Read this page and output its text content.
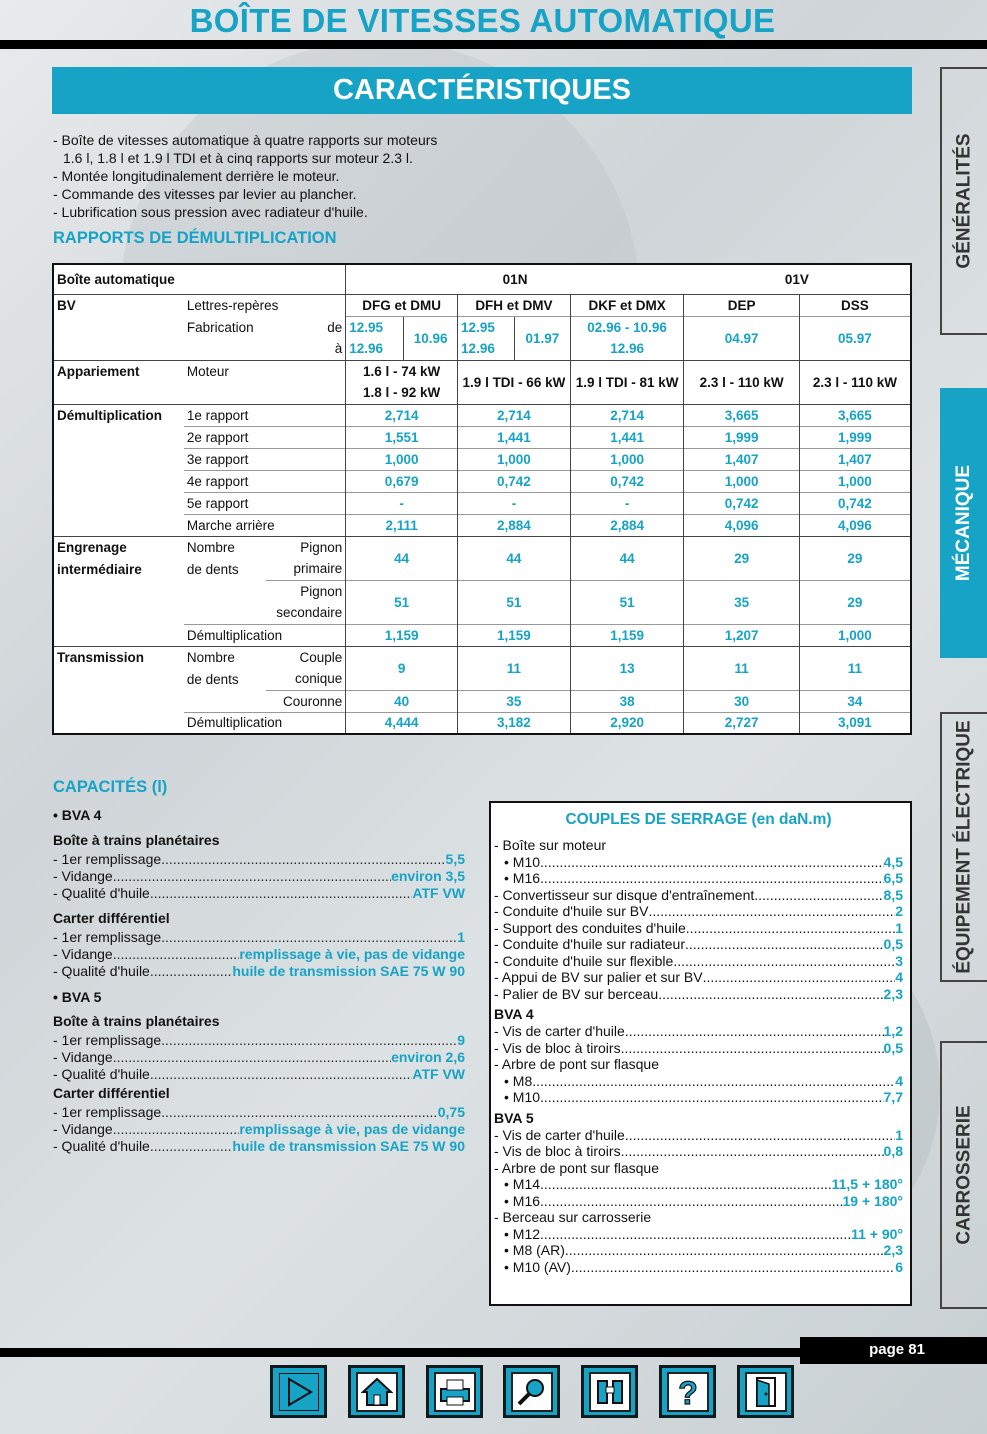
BOÎTE DE VITESSES AUTOMATIQUE
CARACTÉRISTIQUES
- Boîte de vitesses automatique à quatre rapports sur moteurs
1.6 l, 1.8 l et 1.9 l TDI et à cinq rapports sur moteur 2.3 l.
- Montée longitudinalement derrière le moteur.
- Commande des vitesses par levier au plancher.
- Lubrification sous pression avec radiateur d'huile.
RAPPORTS DE DÉMULTIPLICATION
Boîte automatique			01N					01V	
BV	Lettres-repères		DFG et DMU		DFH et DMV		DKF et DMX	DEP	DSS
	Fabrication	de	12.95	10.96	12.95	01.97	02.96 - 10.96	04.97	05.97
		à	12.96		12.96		12.96		
Appariement	Moteur		1.6 l - 74 kW		1.9 l TDI - 66 kW		1.9 l TDI - 81 kW	2.3 l - 110 kW	2.3 l - 110 kW
			1.8 l - 92 kW						
Démultiplication	1e rapport		2,714		2,714		2,714	3,665	3,665
	2e rapport		1,551		1,441		1,441	1,999	1,999
	3e rapport		1,000		1,000		1,000	1,407	1,407
	4e rapport		0,679		0,742		0,742	1,000	1,000
	5e rapport		-		-		-	0,742	0,742
	Marche arrière		2,111		2,884		2,884	4,096	4,096
Engrenage	Nombre	Pignon	44		44		44	29	29
intermédiaire	de dents	primaire							
		Pignon	51		51		51	35	29
		secondaire							
	Démultiplication		1,159		1,159		1,159	1,207	1,000
Transmission	Nombre	Couple	9		11		13	11	11
	de dents	conique							
		Couronne	40		35		38	30	34
	Démultiplication		4,444		3,182		2,920	2,727	3,091
CAPACITÉS (l)
• BVA 4
Boîte à trains planétaires
- 1er remplissage .....	5,5
- Vidange .....	environ 3,5
- Qualité d'huile .....	ATF VW
Carter différentiel
- 1er remplissage .....	1
- Vidange .....	remplissage à vie, pas de vidange
- Qualité d'huile .....	huile de transmission SAE 75 W 90
• BVA 5
Boîte à trains planétaires
- 1er remplissage .....	9
- Vidange .....	environ 2,6
- Qualité d'huile .....	ATF VW
Carter différentiel
- 1er remplissage .....	0,75
- Vidange .....	remplissage à vie, pas de vidange
- Qualité d'huile .....	huile de transmission SAE 75 W 90
COUPLES DE SERRAGE (en daN.m)
- Boîte sur moteur
• M10 .....	4,5
• M16 .....	6,5
- Convertisseur sur disque d'entraînement .....	8,5
- Conduite d'huile sur BV .....	2
- Support des conduites d'huile .....	1
- Conduite d'huile sur radiateur .....	0,5
- Conduite d'huile sur flexible .....	3
- Appui de BV sur palier et sur BV .....	4
- Palier de BV sur berceau .....	2,3
BVA 4
- Vis de carter d'huile .....	1,2
- Vis de bloc à tiroirs .....	0,5
- Arbre de pont sur flasque
• M8 .....	4
• M10 .....	7,7
BVA 5
- Vis de carter d'huile .....	1
- Vis de bloc à tiroirs .....	0,8
- Arbre de pont sur flasque
• M14 .....	11,5 + 180°
• M16 .....	19 + 180°
- Berceau sur carrosserie
• M12 .....	11 + 90°
• M8 (AR) .....	2,3
• M10 (AV) .....	6
GÉNÉRALITÉS
MÉCANIQUE
ÉQUIPEMENT ÉLECTRIQUE
CARROSSERIE
page 81
?
